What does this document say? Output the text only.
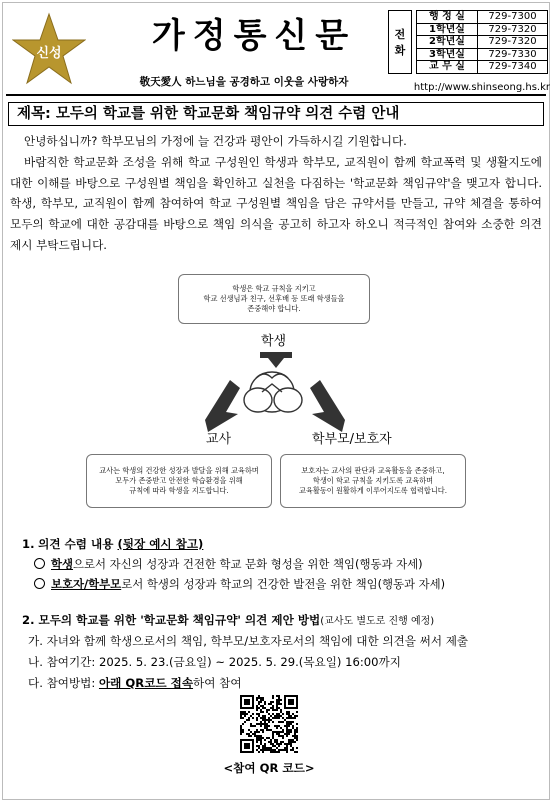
신성	가정통신문
敬天愛人 하느님을 공경하고 이웃을 사랑하자
전
화
행 정 실	729-7300
1학년실	729-7320
2학년실	729-7320
3학년실	729-7330
교 무 실	729-7340
http://www.shinseong.hs.kr
제목: 모두의 학교를 위한 학교문화 책임규약 의견 수렴 안내

안녕하십니까? 학부모님의 가정에 늘 건강과 평안이 가득하시길 기원합니다.

바람직한 학교문화 조성을 위해 학교 구성원인 학생과 학부모, 교직원이 함께 학교폭력 및 생활지도에 대한 이해를 바탕으로 구성원별 책임을 확인하고 실천을 다짐하는 '학교문화 책임규약'을 맺고자 합니다. 학생, 학부모, 교직원이 함께 참여하여 학교 구성원별 책임을 담은 규약서를 만들고, 규약 체결을 통하여 모두의 학교에 대한 공감대를 바탕으로 책임 의식을 공고히 하고자 하오니 적극적인 참여와 소중한 의견 제시 부탁드립니다.

학생은 학교 규칙을 지키고
학교 선생님과 친구, 선후배 등 또래 학생들을
존중해야 합니다.
학생
교사	학부모/보호자
교사는 학생의 건강한 성장과 발달을 위해 교육하며
모두가 존중받고 안전한 학습환경을 위해
규칙에 따라 학생을 지도합니다.
보호자는 교사의 판단과 교육활동을 존중하고,
학생이 학교 규칙을 지키도록 교육하며
교육활동이 원활하게 이루어지도록 협력합니다.
1. 의견 수렴 내용 (뒷장 예시 참고)
학생으로서 자신의 성장과 건전한 학교 문화 형성을 위한 책임(행동과 자세)
보호자/학부모로서 학생의 성장과 학교의 건강한 발전을 위한 책임(행동과 자세)
2. 모두의 학교를 위한 '학교문화 책임규약' 의견 제안 방법(교사도 별도로 진행 예정)
가. 자녀와 함께 학생으로서의 책임, 학부모/보호자로서의 책임에 대한 의견을 써서 제출
나. 참여기간: 2025. 5. 23.(금요일) ~ 2025. 5. 29.(목요일) 16:00까지
다. 참여방법: 아래 QR코드 접속하여 참여
<참여 QR 코드>
